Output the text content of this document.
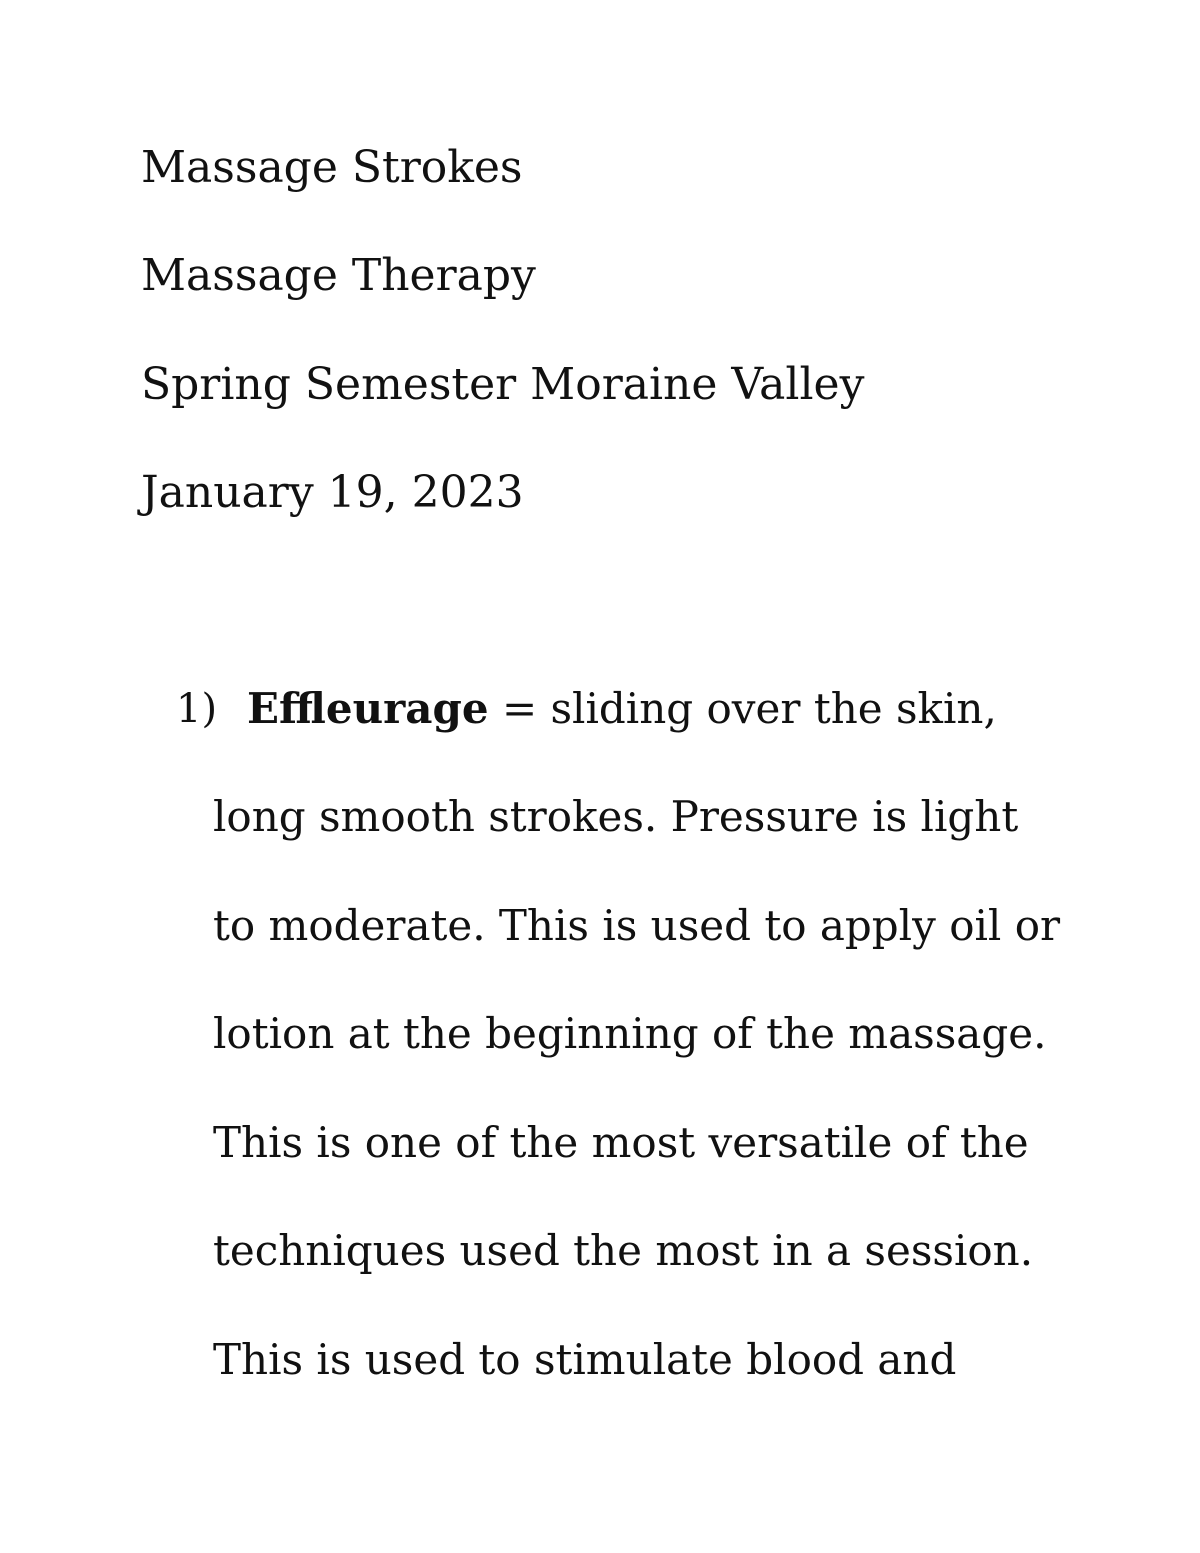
Massage Strokes
Massage Therapy
Spring Semester Moraine Valley
January 19, 2023
1) Effleurage = sliding over the skin,
long smooth strokes. Pressure is light
to moderate. This is used to apply oil or
lotion at the beginning of the massage.
This is one of the most versatile of the
techniques used the most in a session.
This is used to stimulate blood and
